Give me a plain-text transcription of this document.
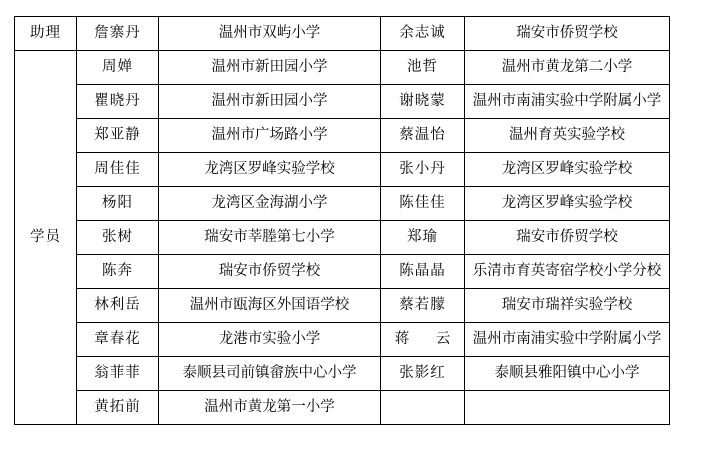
助理	詹寨丹	温州市双屿小学	余志诚	瑞安市侨贸学校
学员	周婵	温州市新田园小学	池哲	温州市黄龙第二小学
	瞿晓丹	温州市新田园小学	谢晓蒙	温州市南浦实验中学附属小学
	郑亚静	温州市广场路小学	蔡温怡	温州育英实验学校
	周佳佳	龙湾区罗峰实验学校	张小丹	龙湾区罗峰实验学校
	杨阳	龙湾区金海湖小学	陈佳佳	龙湾区罗峰实验学校
	张树	瑞安市莘塍第七小学	郑瑜	瑞安市侨贸学校
	陈奔	瑞安市侨贸学校	陈晶晶	乐清市育英寄宿学校小学分校
	林利岳	温州市瓯海区外国语学校	蔡若朦	瑞安市瑞祥实验学校
	章春花	龙港市实验小学	蒋　云	温州市南浦实验中学附属小学
	翁菲菲	泰顺县司前镇畲族中心小学	张影红	泰顺县雅阳镇中心小学
	黄拓前	温州市黄龙第一小学		
